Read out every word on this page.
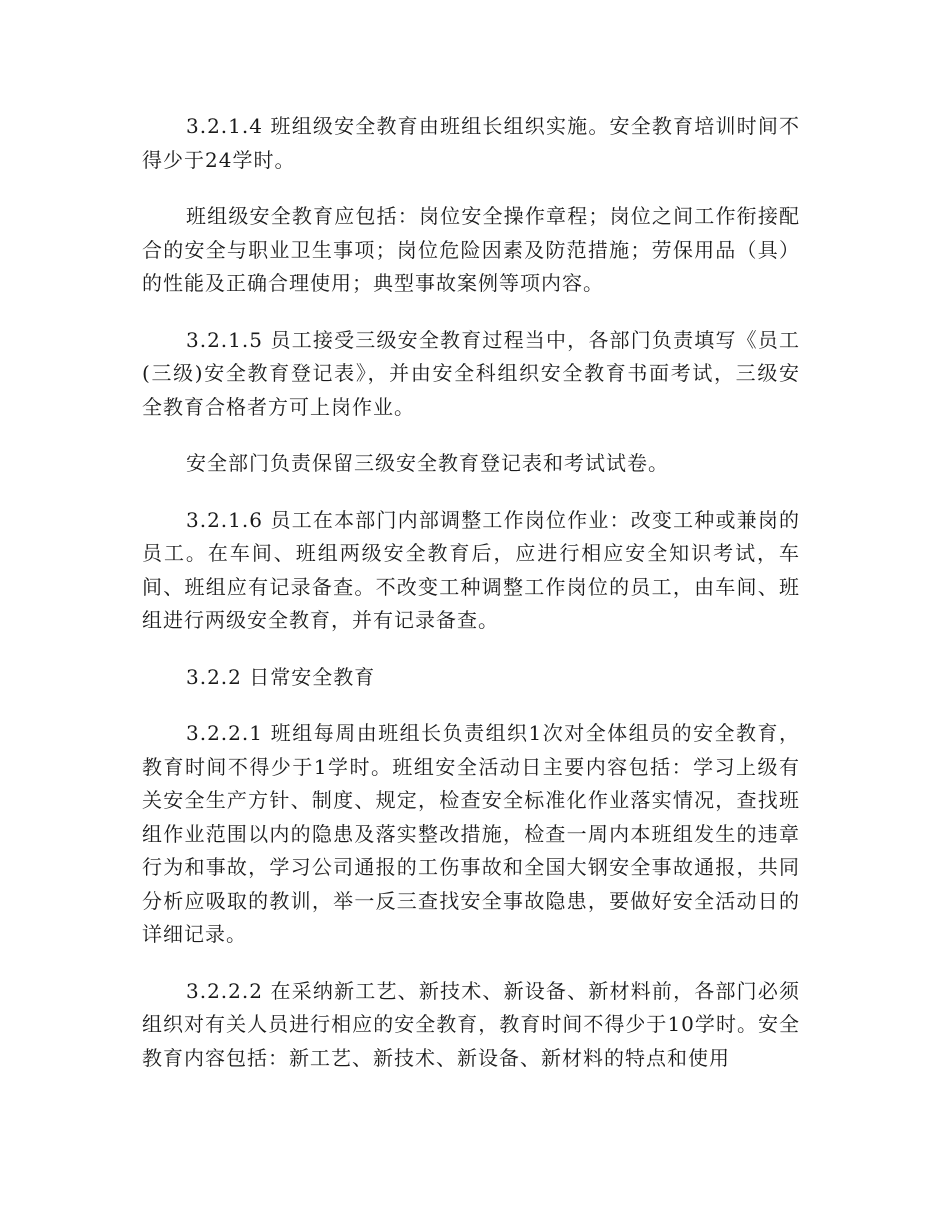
3.2.1.4 班组级安全教育由班组长组织实施。安全教育培训时间不得少于24学时。

班组级安全教育应包括：岗位安全操作章程；岗位之间工作衔接配合的安全与职业卫生事项；岗位危险因素及防范措施；劳保用品（具）的性能及正确合理使用；典型事故案例等项内容。

3.2.1.5 员工接受三级安全教育过程当中，各部门负责填写《员工(三级)安全教育登记表》，并由安全科组织安全教育书面考试，三级安全教育合格者方可上岗作业。

安全部门负责保留三级安全教育登记表和考试试卷。

3.2.1.6 员工在本部门内部调整工作岗位作业：改变工种或兼岗的员工。在车间、班组两级安全教育后，应进行相应安全知识考试，车间、班组应有记录备查。不改变工种调整工作岗位的员工，由车间、班组进行两级安全教育，并有记录备查。

3.2.2 日常安全教育

3.2.2.1 班组每周由班组长负责组织1次对全体组员的安全教育，教育时间不得少于1学时。班组安全活动日主要内容包括：学习上级有关安全生产方针、制度、规定，检查安全标准化作业落实情况，查找班组作业范围以内的隐患及落实整改措施，检查一周内本班组发生的违章行为和事故，学习公司通报的工伤事故和全国大钢安全事故通报，共同分析应吸取的教训，举一反三查找安全事故隐患，要做好安全活动日的详细记录。

3.2.2.2 在采纳新工艺、新技术、新设备、新材料前，各部门必须组织对有关人员进行相应的安全教育，教育时间不得少于10学时。安全教育内容包括：新工艺、新技术、新设备、新材料的特点和使用
